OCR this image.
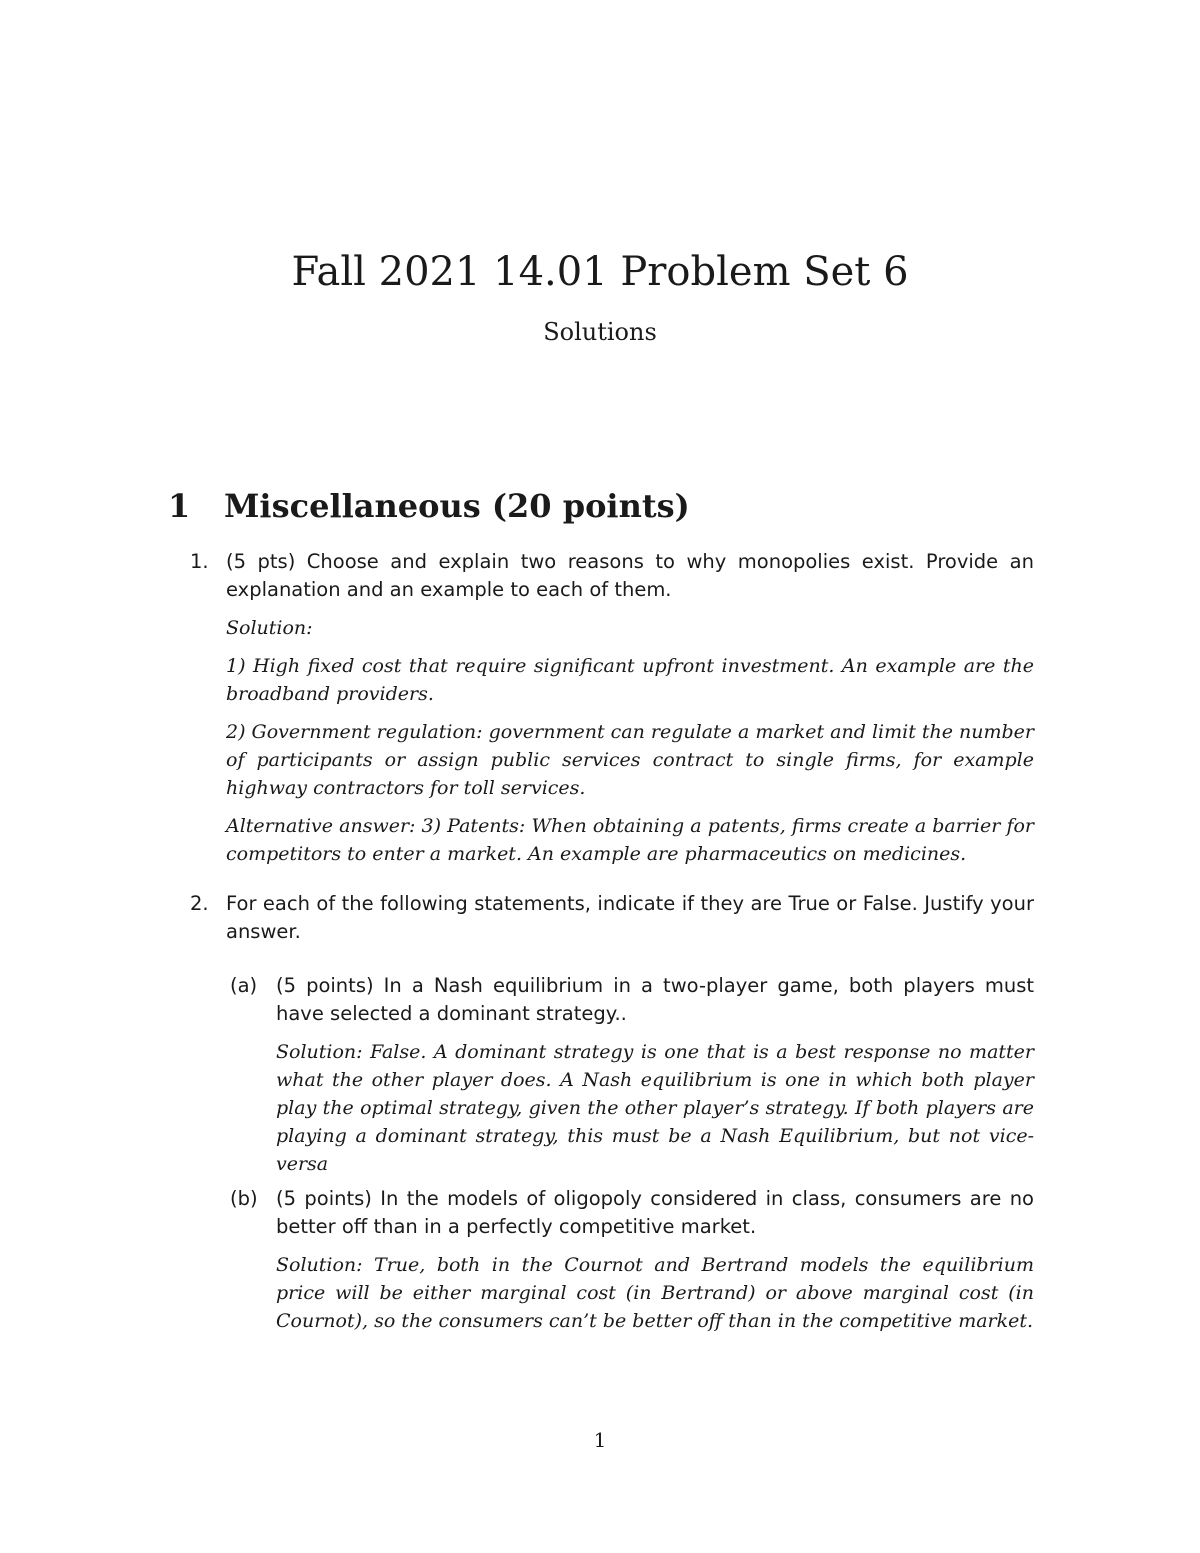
Fall 2021 14.01 Problem Set 6
Solutions
1 Miscellaneous (20 points)
1. (5 pts) Choose and explain two reasons to why monopolies exist. Provide an explanation and an example to each of them.

Solution:

1) High fixed cost that require significant upfront investment. An example are the broadband providers.

2) Government regulation: government can regulate a market and limit the number of participants or assign public services contract to single firms, for example highway contractors for toll services.

Alternative answer: 3) Patents: When obtaining a patents, firms create a barrier for competitors to enter a market. An example are pharmaceutics on medicines.

2. For each of the following statements, indicate if they are True or False. Justify your answer.

(a) (5 points) In a Nash equilibrium in a two-player game, both players must have selected a dominant strategy..

Solution: False. A dominant strategy is one that is a best response no matter what the other player does. A Nash equilibrium is one in which both player play the optimal strategy, given the other player’s strategy. If both players are playing a dominant strategy, this must be a Nash Equilibrium, but not vice-versa

(b) (5 points) In the models of oligopoly considered in class, consumers are no better off than in a perfectly competitive market.

Solution: True, both in the Cournot and Bertrand models the equilibrium price will be either marginal cost (in Bertrand) or above marginal cost (in Cournot), so the consumers can’t be better off than in the competitive market.

1
